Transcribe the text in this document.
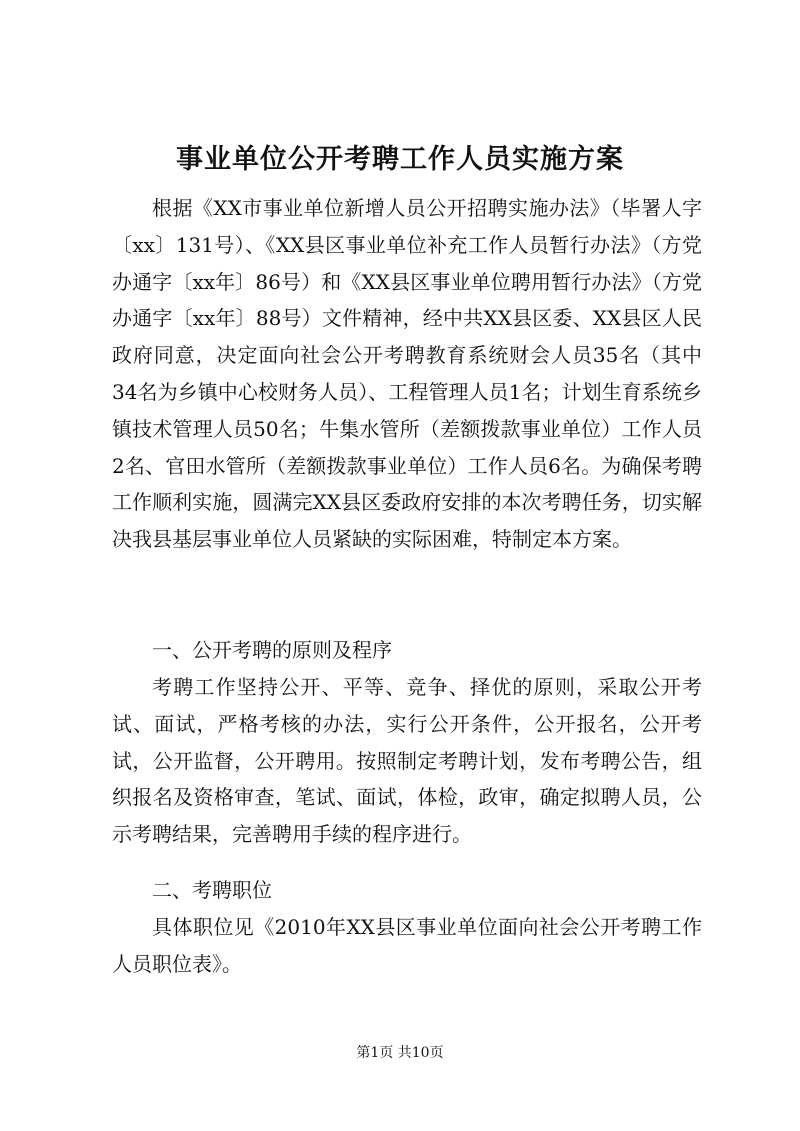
事业单位公开考聘工作人员实施方案

根据《XX市事业单位新增人员公开招聘实施办法》（毕署人字〔xx〕131号）、《XX县区事业单位补充工作人员暂行办法》（方党办通字〔xx年〕86号）和《XX县区事业单位聘用暂行办法》（方党办通字〔xx年〕88号）文件精神，经中共XX县区委、XX县区人民政府同意，决定面向社会公开考聘教育系统财会人员35名（其中34名为乡镇中心校财务人员）、工程管理人员1名；计划生育系统乡镇技术管理人员50名；牛集水管所（差额拨款事业单位）工作人员2名、官田水管所（差额拨款事业单位）工作人员6名。为确保考聘工作顺利实施，圆满完XX县区委政府安排的本次考聘任务，切实解决我县基层事业单位人员紧缺的实际困难，特制定本方案。

一、公开考聘的原则及程序

考聘工作坚持公开、平等、竞争、择优的原则，采取公开考试、面试，严格考核的办法，实行公开条件，公开报名，公开考试，公开监督，公开聘用。按照制定考聘计划，发布考聘公告，组织报名及资格审查，笔试、面试，体检，政审，确定拟聘人员，公示考聘结果，完善聘用手续的程序进行。

二、考聘职位

具体职位见《2010年XX县区事业单位面向社会公开考聘工作人员职位表》。

第1页 共10页
